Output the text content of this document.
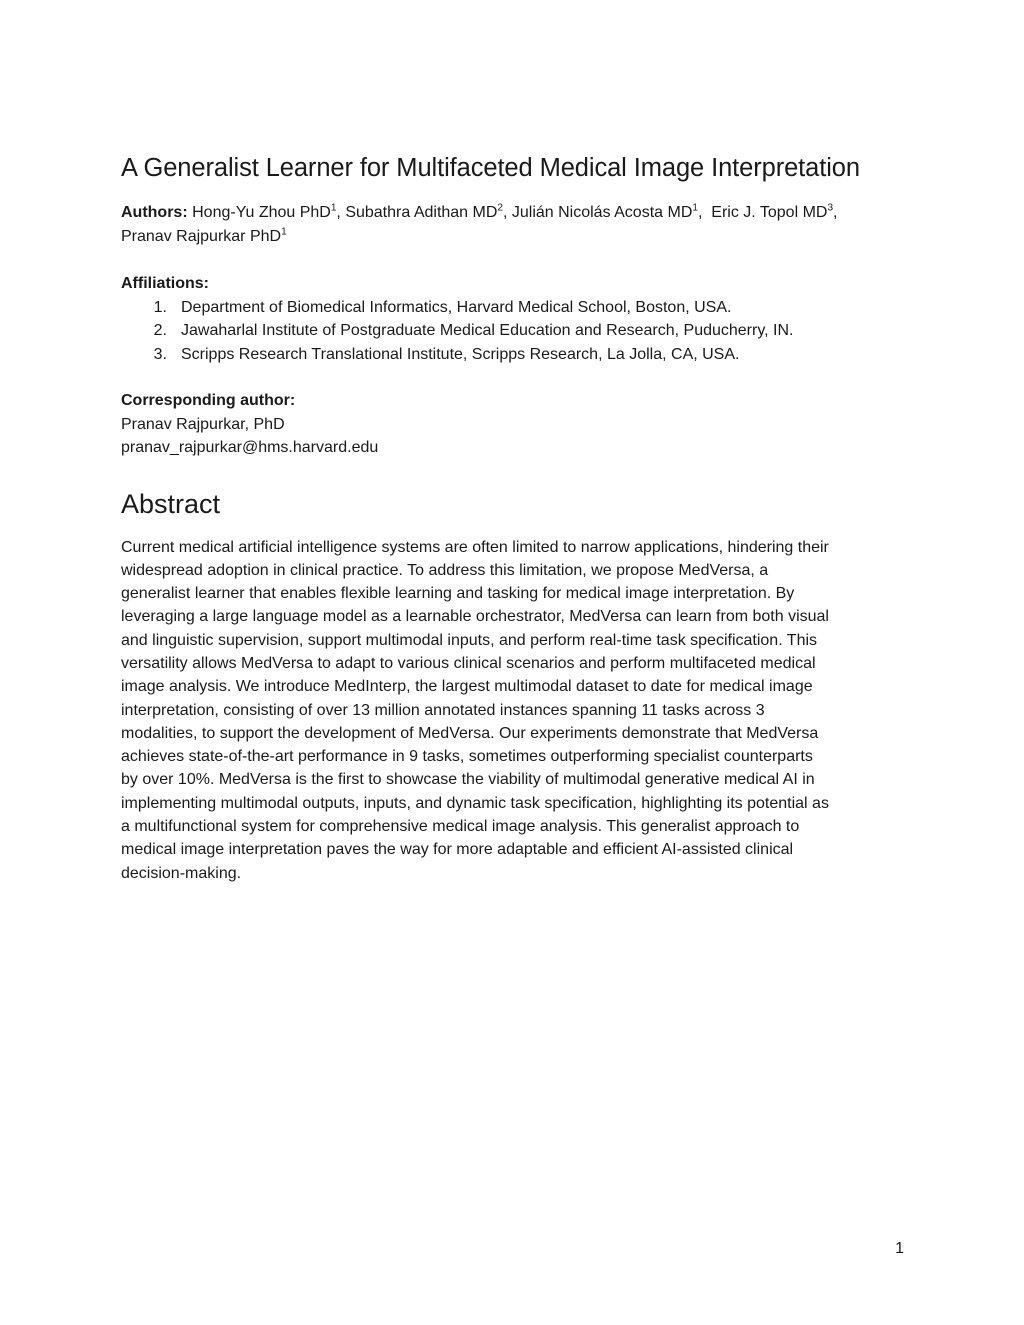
A Generalist Learner for Multifaceted Medical Image Interpretation
Authors: Hong-Yu Zhou PhD$^1$, Subathra Adithan $MD^2$, Julián Nicolás Acosta $MD^1$,  Eric J. Topol $MD^3$,
Pranav Rajpurkar PhD$^1$
Affiliations:
1. Department of Biomedical Informatics, Harvard Medical School, Boston, USA.
2. Jawaharlal Institute of Postgraduate Medical Education and Research, Puducherry, IN.
3. Scripps Research Translational Institute, Scripps Research, La Jolla, CA, USA.
Corresponding author:
Pranav Rajpurkar, PhD
pranav_rajpurkar@hms.harvard.edu
Abstract
Current medical artificial intelligence systems are often limited to narrow applications, hindering their
widespread adoption in clinical practice. To address this limitation, we propose MedVersa, a
generalist learner that enables flexible learning and tasking for medical image interpretation. By
leveraging a large language model as a learnable orchestrator, MedVersa can learn from both visual
and linguistic supervision, support multimodal inputs, and perform real-time task specification. This
versatility allows MedVersa to adapt to various clinical scenarios and perform multifaceted medical
image analysis. We introduce MedInterp, the largest multimodal dataset to date for medical image
interpretation, consisting of over 13 million annotated instances spanning 11 tasks across 3
modalities, to support the development of MedVersa. Our experiments demonstrate that MedVersa
achieves state-of-the-art performance in 9 tasks, sometimes outperforming specialist counterparts
by over 10%. MedVersa is the first to showcase the viability of multimodal generative medical AI in
implementing multimodal outputs, inputs, and dynamic task specification, highlighting its potential as
a multifunctional system for comprehensive medical image analysis. This generalist approach to
medical image interpretation paves the way for more adaptable and efficient AI-assisted clinical
decision-making.
1
